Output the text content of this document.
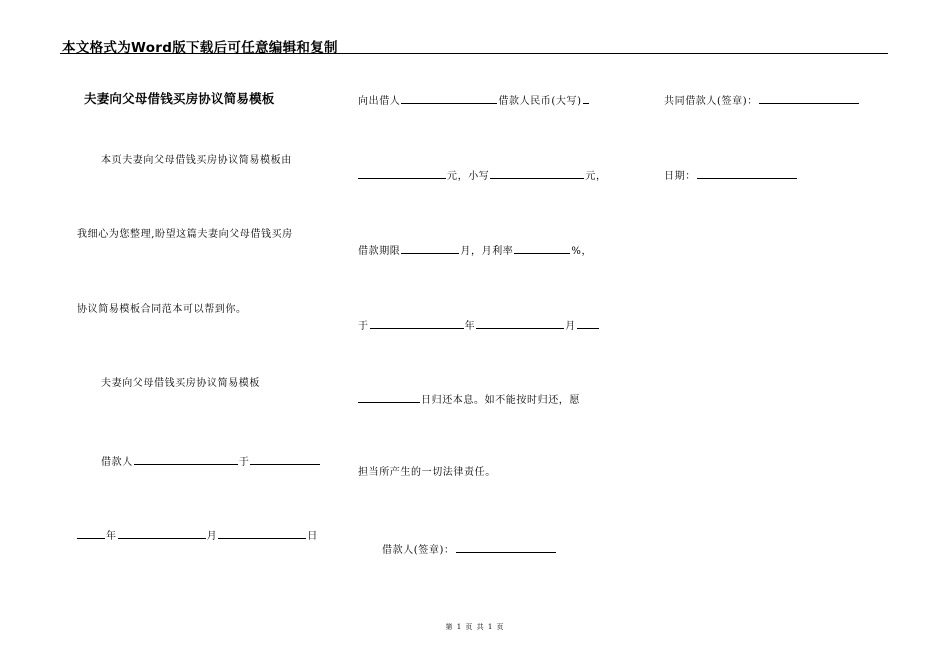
本文格式为Word版下载后可任意编辑和复制
夫妻向父母借钱买房协议简易模板
本页夫妻向父母借钱买房协议简易模板由
我细心为您整理,盼望这篇夫妻向父母借钱买房
协议简易模板合同范本可以帮到你。
夫妻向父母借钱买房协议简易模板
借款人	于
年	月	日
向出借人	借款人民币(大写)
元，小写	元，
借款期限	月，月利率	%，
于	年	月
日归还本息。如不能按时归还，愿
担当所产生的一切法律责任。
借款人(签章)：
共同借款人(签章)：
日期：
第 1 页 共 1 页
